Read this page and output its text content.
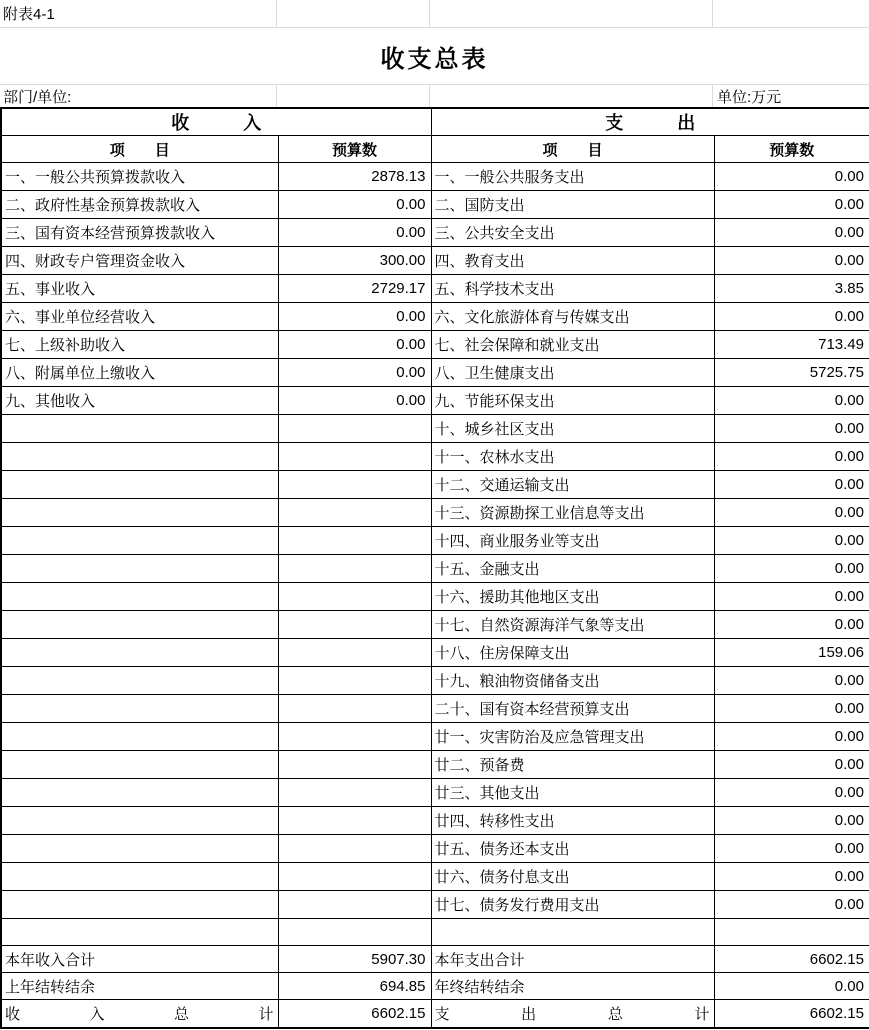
附表4-1
收支总表
部门/单位:	单位:万元
收　　　入		支　　　出	
项　　目	预算数	项　　目	预算数
一、一般公共预算拨款收入	2878.13	一、一般公共服务支出	0.00
二、政府性基金预算拨款收入	0.00	二、国防支出	0.00
三、国有资本经营预算拨款收入	0.00	三、公共安全支出	0.00
四、财政专户管理资金收入	300.00	四、教育支出	0.00
五、事业收入	2729.17	五、科学技术支出	3.85
六、事业单位经营收入	0.00	六、文化旅游体育与传媒支出	0.00
七、上级补助收入	0.00	七、社会保障和就业支出	713.49
八、附属单位上缴收入	0.00	八、卫生健康支出	5725.75
九、其他收入	0.00	九、节能环保支出	0.00
		十、城乡社区支出	0.00
		十一、农林水支出	0.00
		十二、交通运输支出	0.00
		十三、资源勘探工业信息等支出	0.00
		十四、商业服务业等支出	0.00
		十五、金融支出	0.00
		十六、援助其他地区支出	0.00
		十七、自然资源海洋气象等支出	0.00
		十八、住房保障支出	159.06
		十九、粮油物资储备支出	0.00
		二十、国有资本经营预算支出	0.00
		廿一、灾害防治及应急管理支出	0.00
		廿二、预备费	0.00
		廿三、其他支出	0.00
		廿四、转移性支出	0.00
		廿五、债务还本支出	0.00
		廿六、债务付息支出	0.00
		廿七、债务发行费用支出	0.00

本年收入合计	5907.30	本年支出合计	6602.15
上年结转结余	694.85	年终结转结余	0.00
收　入　总　计	6602.15	支　出　总　计	6602.15
